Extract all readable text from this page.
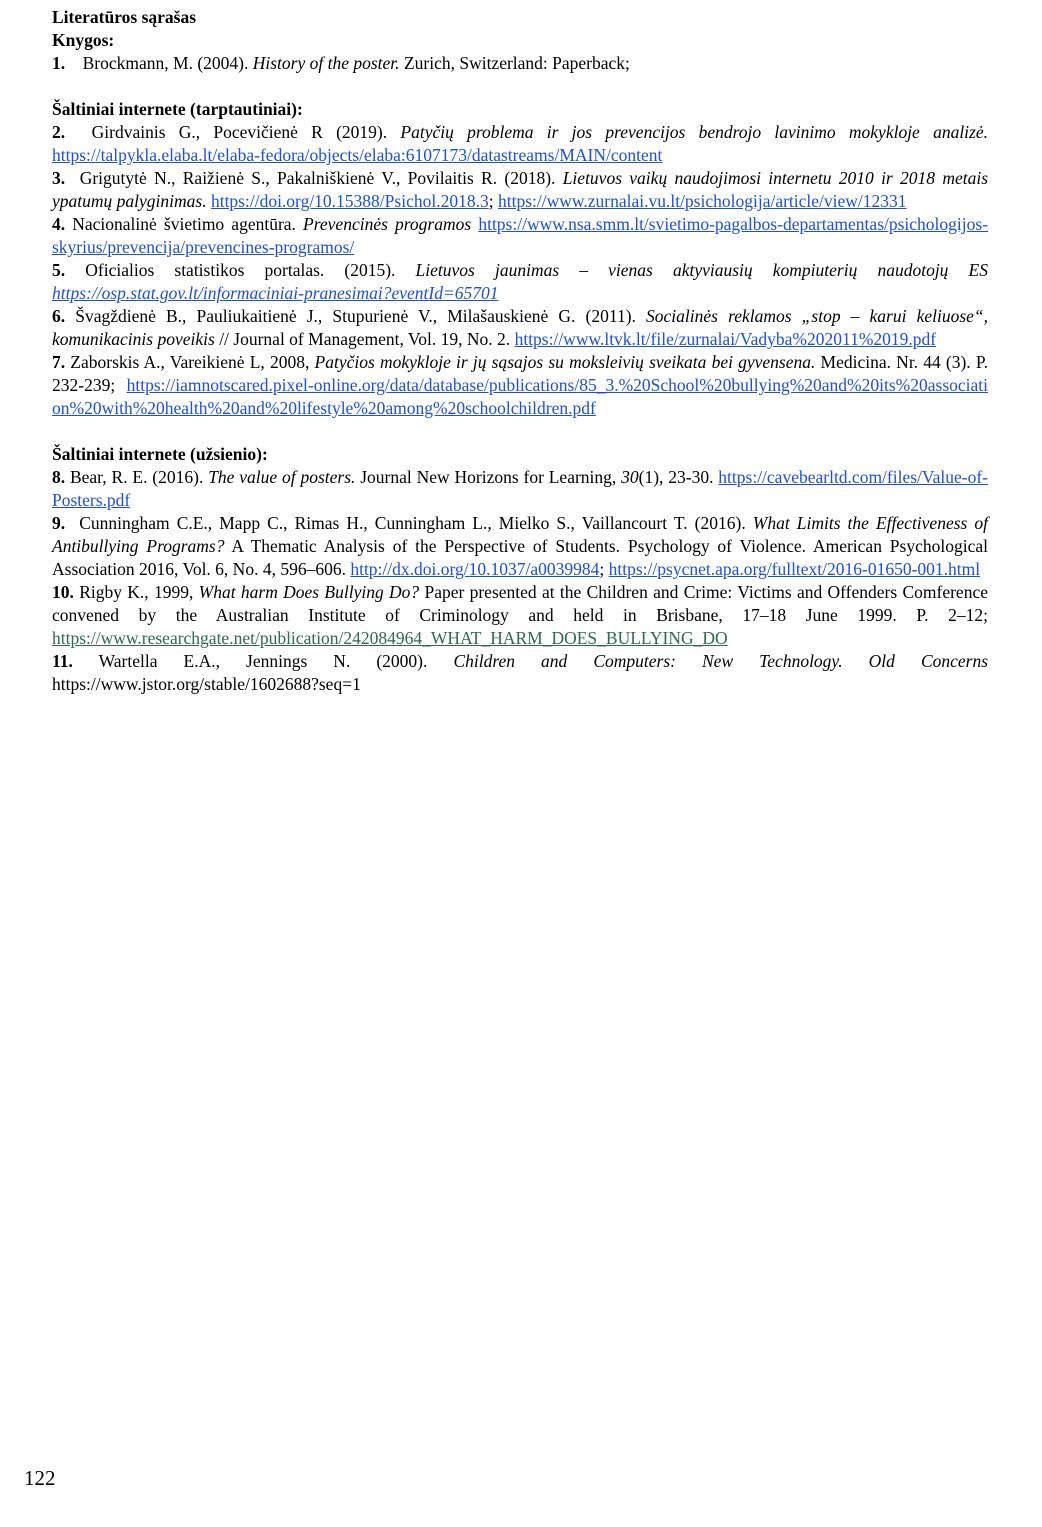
Literatūros sąrašas
Knygos:
1. Brockmann, M. (2004). History of the poster. Zurich, Switzerland: Paperback;
Šaltiniai internete (tarptautiniai):
2. Girdvainis G., Pocevičienė R (2019). Patyčių problema ir jos prevencijos bendrojo lavinimo mokykloje analizė. https://talpykla.elaba.lt/elaba-fedora/objects/elaba:6107173/datastreams/MAIN/content
3. Grigutytė N., Raižienė S., Pakalniškienė V., Povilaitis R. (2018). Lietuvos vaikų naudojimosi internetu 2010 ir 2018 metais ypatumų palyginimas. https://doi.org/10.15388/Psichol.2018.3; https://www.zurnalai.vu.lt/psichologija/article/view/12331
4. Nacionalinė švietimo agentūra. Prevencinės programos https://www.nsa.smm.lt/svietimo-pagalbos-departamentas/psichologijos-skyrius/prevencija/prevencines-programos/
5. Oficialios statistikos portalas. (2015). Lietuvos jaunimas – vienas aktyviausių kompiuterių naudotojų ES https://osp.stat.gov.lt/informaciniai-pranesimai?eventId=65701
6. Švagždienė B., Pauliukaitienė J., Stupurienė V., Milašauskienė G. (2011). Socialinės reklamos „stop – karui keliuose“, komunikacinis poveikis // Journal of Management, Vol. 19, No. 2. https://www.ltvk.lt/file/zurnalai/Vadyba%202011%2019.pdf
7. Zaborskis A., Vareikienė L, 2008, Patyčios mokykloje ir jų sąsajos su moksleivių sveikata bei gyvensena. Medicina. Nr. 44 (3). P. 232-239; https://iamnotscared.pixel-online.org/data/database/publications/85_3.%20School%20bullying%20and%20its%20association%20with%20health%20and%20lifestyle%20among%20schoolchildren.pdf
Šaltiniai internete (užsienio):
8. Bear, R. E. (2016). The value of posters. Journal New Horizons for Learning, 30(1), 23-30. https://cavebearltd.com/files/Value-of-Posters.pdf
9. Cunningham C.E., Mapp C., Rimas H., Cunningham L., Mielko S., Vaillancourt T. (2016). What Limits the Effectiveness of Antibullying Programs? A Thematic Analysis of the Perspective of Students. Psychology of Violence. American Psychological Association 2016, Vol. 6, No. 4, 596–606. http://dx.doi.org/10.1037/a0039984; https://psycnet.apa.org/fulltext/2016-01650-001.html
10. Rigby K., 1999, What harm Does Bullying Do? Paper presented at the Children and Crime: Victims and Offenders Comference convened by the Australian Institute of Criminology and held in Brisbane, 17–18 June 1999. P. 2–12; https://www.researchgate.net/publication/242084964_WHAT_HARM_DOES_BULLYING_DO
11. Wartella E.A., Jennings N. (2000). Children and Computers: New Technology. Old Concerns https://www.jstor.org/stable/1602688?seq=1
122
